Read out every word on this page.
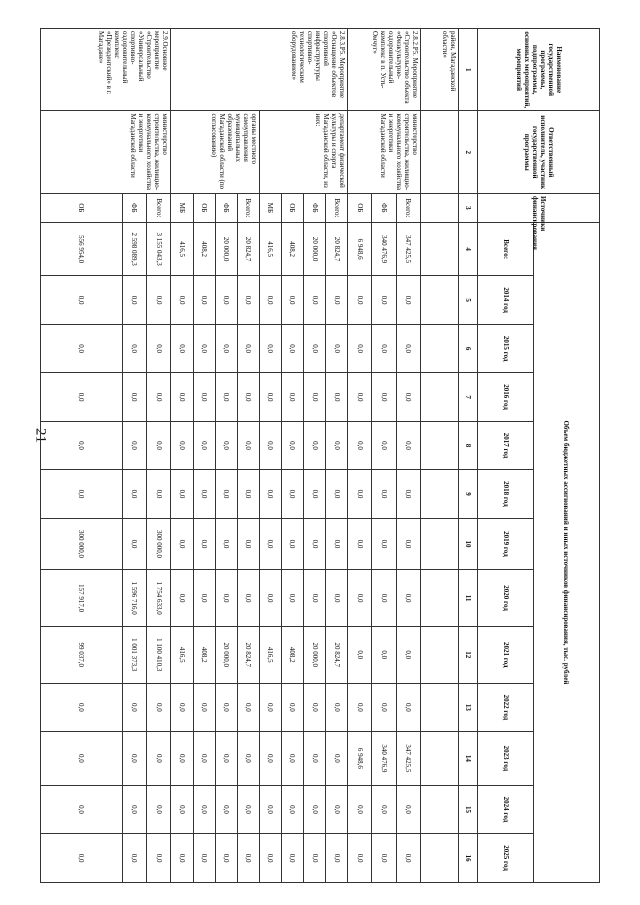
21
Наименование государственной программы, подпрограммы, основных мероприятий, мероприятий	Ответственный исполнитель, участник государственной программы	Источники финансирования	Объем бюджетных ассигнований и иных источников финансирования, тыс. рублей												
			Всего:	2014 год	2015 год	2016 год	2017 год	2018 год	2019 год	2020 год	2021 год	2022 год	2023 год	2024 год	2025 год
1	2	3	4	5	6	7	8	9	10	11	12	13	14	15	16
район, Магаданской области»															
2.8.2.Р5. Мероприятие «Строительство объекта «Физкультурно-оздоровительный комплекс в п. Усть-Омчуг»	министерство строительства, жилищно-коммунального хозяйства и энергетики Магаданской области	Всего:	347 425,5	0,0	0,0	0,0	0,0	0,0	0,0	0,0	0,0	0,0	347 425,5	0,0	0,0
		ФБ	340 476,9	0,0	0,0	0,0	0,0	0,0	0,0	0,0	0,0	0,0	340 476,9	0,0	0,0
		ОБ	6 948,6	0,0	0,0	0,0	0,0	0,0	0,0	0,0	0,0	0,0	6 948,6	0,0	0,0
2.8.3.Р5. Мероприятие «Оснащение объектов спортивной инфраструктуры спортивно-технологическим оборудованием»	департамент физической культуры и спорта Магаданской области, из них:	Всего:	20 824,7	0,0	0,0	0,0	0,0	0,0	0,0	0,0	20 824,7	0,0	0,0	0,0	0,0
		ФБ	20 000,0	0,0	0,0	0,0	0,0	0,0	0,0	0,0	20 000,0	0,0	0,0	0,0	0,0
		ОБ	408,2	0,0	0,0	0,0	0,0	0,0	0,0	0,0	408,2	0,0	0,0	0,0	0,0
		МБ	416,5	0,0	0,0	0,0	0,0	0,0	0,0	0,0	416,5	0,0	0,0	0,0	0,0
	органы местного самоуправления муниципальных образований Магаданской области (по согласованию)	Всего:	20 824,7	0,0	0,0	0,0	0,0	0,0	0,0	0,0	20 824,7	0,0	0,0	0,0	0,0
		ФБ	20 000,0	0,0	0,0	0,0	0,0	0,0	0,0	0,0	20 000,0	0,0	0,0	0,0	0,0
		ОБ	408,2	0,0	0,0	0,0	0,0	0,0	0,0	0,0	408,2	0,0	0,0	0,0	0,0
		МБ	416,5	0,0	0,0	0,0	0,0	0,0	0,0	0,0	416,5	0,0	0,0	0,0	0,0
2.9.Основное мероприятие «Строительство «Универсальный спортивно-оздоровительный комплекс «Президентский» в г. Магадане»	министерство строительства, жилищно-коммунального хозяйства и энергетики Магаданской области	Всего:	3 155 043,3	0,0	0,0	0,0	0,0	0,0	300 000,0	1 754 633,0	1 100 410,3	0,0	0,0	0,0	0,0
		ФБ	2 598 089,3	0,0	0,0	0,0	0,0	0,0	0,0	1 596 716,0	1 001 373,3	0,0	0,0	0,0	0,0
		ОБ	556 954,0	0,0	0,0	0,0	0,0	0,0	300 000,0	157 917,0	99 037,0	0,0	0,0	0,0	0,0
